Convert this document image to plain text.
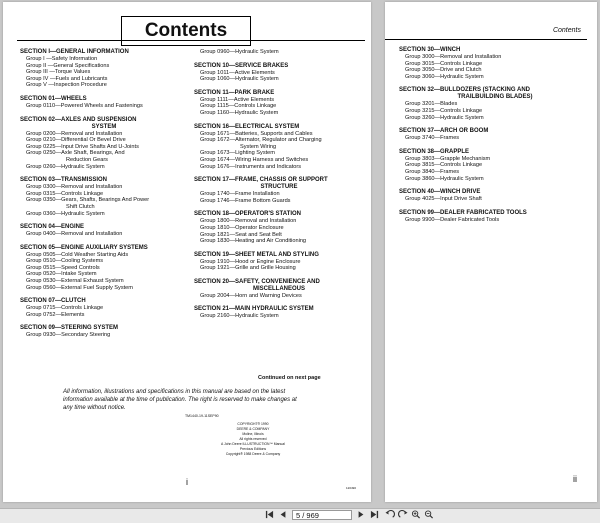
Contents
SECTION I—GENERAL INFORMATION
Group I —Safety Information
Group II —General Specifications
Group III —Torque Values
Group IV —Fuels and Lubricants
Group V —Inspection Procedure
SECTION 01—WHEELS
Group 0110—Powered Wheels and Fastenings
SECTION 02—AXLES AND SUSPENSION
SYSTEM
Group 0200—Removal and Installation
Group 0210—Differential Or Bevel Drive
Group 0225—Input Drive Shafts And U-Joints
Group 0250—Axle Shaft, Bearings, And
Reduction Gears
Group 0260—Hydraulic System
SECTION 03—TRANSMISSION
Group 0300—Removal and Installation
Group 0315—Controls Linkage
Group 0350—Gears, Shafts, Bearings And Power
Shift Clutch
Group 0360—Hydraulic System
SECTION 04—ENGINE
Group 0400—Removal and Installation
SECTION 05—ENGINE AUXILIARY SYSTEMS
Group 0505—Cold Weather Starting Aids
Group 0510—Cooling Systems
Group 0515—Speed Controls
Group 0520—Intake System
Group 0530—External Exhaust System
Group 0560—External Fuel Supply System
SECTION 07—CLUTCH
Group 0715—Controls Linkage
Group 0752—Elements
SECTION 09—STEERING SYSTEM
Group 0930—Secondary Steering
Group 0960—Hydraulic System
SECTION 10—SERVICE BRAKES
Group 1011—Active Elements
Group 1060—Hydraulic System
SECTION 11—PARK BRAKE
Group 1111—Active Elements
Group 1115—Controls Linkage
Group 1160—Hydraulic System
SECTION 16—ELECTRICAL SYSTEM
Group 1671—Batteries, Supports and Cables
Group 1672—Alternator, Regulator and Charging
System Wiring
Group 1673—Lighting System
Group 1674—Wiring Harness and Switches
Group 1676—Instruments and Indicators
SECTION 17—FRAME, CHASSIS OR SUPPORT
STRUCTURE
Group 1740—Frame Installation
Group 1746—Frame Bottom Guards
SECTION 18—OPERATOR'S STATION
Group 1800—Removal and Installation
Group 1810—Operator Enclosure
Group 1821—Seat and Seat Belt
Group 1830—Heating and Air Conditioning
SECTION 19—SHEET METAL AND STYLING
Group 1910—Hood or Engine Enclosure
Group 1921—Grille and Grille Housing
SECTION 20—SAFETY, CONVENIENCE AND
MISCELLANEOUS
Group 2004—Horn and Warning Devices
SECTION 21—MAIN HYDRAULIC SYSTEM
Group 2160—Hydraulic System
Continued on next page
All information, illustrations and specifications in this manual are based on the latest information available at the time of publication. The right is reserved to make changes at any time without notice.
TM1440-19-11SEP90
COPYRIGHT® 1990
DEERE & COMPANY
Moline, Illinois
All rights reserved
A John Deere ILLUSTRUCTION™ Manual
Previous Editions
Copyright® 1988 Deere & Company
i
120490
Contents
SECTION 30—WINCH
Group 3000—Removal and Installation
Group 3015—Controls Linkage
Group 3050—Drive and Clutch
Group 3060—Hydraulic System
SECTION 32—BULLDOZERS (STACKING AND
TRAILBUILDING BLADES)
Group 3201—Blades
Group 3215—Controls Linkage
Group 3260—Hydraulic System
SECTION 37—ARCH OR BOOM
Group 3740—Frames
SECTION 38—GRAPPLE
Group 3803—Grapple Mechanism
Group 3815—Controls Linkage
Group 3840—Frames
Group 3860—Hydraulic System
SECTION 40—WINCH DRIVE
Group 4025—Input Drive Shaft
SECTION 99—DEALER FABRICATED TOOLS
Group 9900—Dealer Fabricated Tools
ii
5 / 969
